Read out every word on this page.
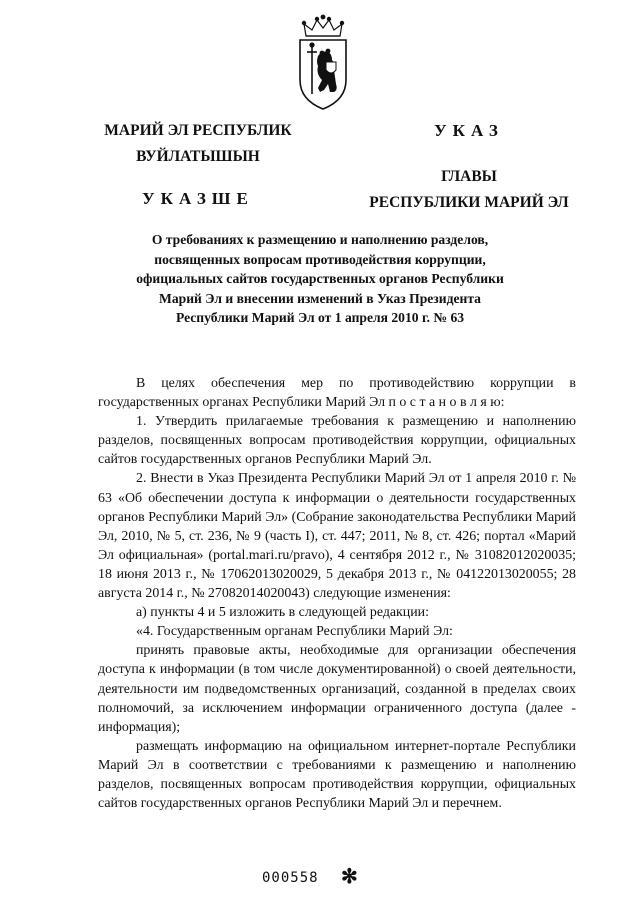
МАРИЙ ЭЛ РЕСПУБЛИК
ВУЙЛАТЫШЫН
УКАЗШЕ
УКАЗ
ГЛАВЫ
РЕСПУБЛИКИ МАРИЙ ЭЛ
О требованиях к размещению и наполнению разделов,
посвященных вопросам противодействия коррупции,
официальных сайтов государственных органов Республики
Марий Эл и внесении изменений в Указ Президента
Республики Марий Эл от 1 апреля 2010 г. № 63

В целях обеспечения мер по противодействию коррупции в государственных органах Республики Марий Эл п о с т а н о в л я ю:

1. Утвердить прилагаемые требования к размещению и наполнению разделов, посвященных вопросам противодействия коррупции, официальных сайтов государственных органов Республики Марий Эл.

2. Внести в Указ Президента Республики Марий Эл от 1 апреля 2010 г. № 63 «Об обеспечении доступа к информации о деятельности государственных органов Республики Марий Эл» (Собрание законодательства Республики Марий Эл, 2010, № 5, ст. 236, № 9 (часть I), ст. 447; 2011, № 8, ст. 426; портал «Марий Эл официальная» (portal.mari.ru/pravo), 4 сентября 2012 г., № 31082012020035; 18 июня 2013 г., № 17062013020029, 5 декабря 2013 г., № 04122013020055; 28 августа 2014 г., № 27082014020043) следующие изменения:

а) пункты 4 и 5 изложить в следующей редакции:

«4. Государственным органам Республики Марий Эл:

принять правовые акты, необходимые для организации обеспечения доступа к информации (в том числе документированной) о своей деятельности, деятельности им подведомственных организаций, созданной в пределах своих полномочий, за исключением информации ограниченного доступа (далее - информация);

размещать информацию на официальном интернет-портале Республики Марий Эл в соответствии с требованиями к размещению и наполнению разделов, посвященных вопросам противодействия коррупции, официальных сайтов государственных органов Республики Марий Эл и перечнем.

000558 ✻
